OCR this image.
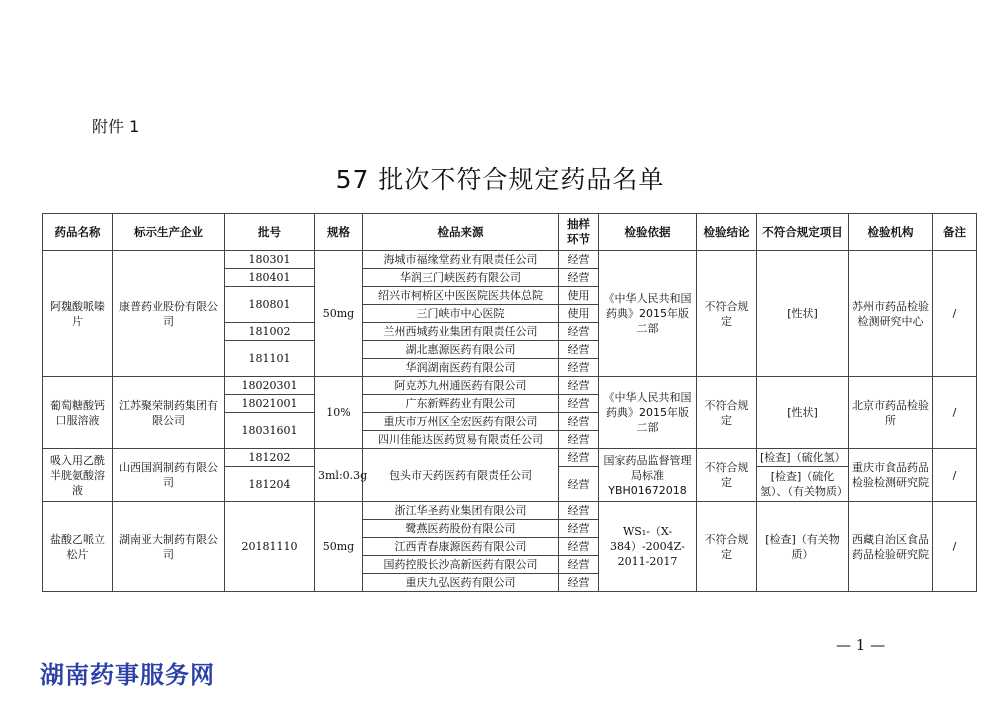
附件 1
57 批次不符合规定药品名单
药品名称	标示生产企业	批号	规格	检品来源	抽样环节	检验依据	检验结论	不符合规定项目	检验机构	备注
阿魏酸哌嗪片	康普药业股份有限公司	180301	50mg	海城市福缘堂药业有限责任公司	经营	《中华人民共和国药典》2015年版二部	不符合规定	[性状]	苏州市药品检验检测研究中心	/
		180401		华润三门峡医药有限公司	经营					
		180801		绍兴市柯桥区中医医院医共体总院	使用					
				三门峡市中心医院	使用					
		181002		兰州西城药业集团有限责任公司	经营					
		181101		湖北惠源医药有限公司	经营					
				华润湖南医药有限公司	经营					
葡萄糖酸钙口服溶液	江苏聚荣制药集团有限公司	18020301	10%	阿克苏九州通医药有限公司	经营	《中华人民共和国药典》2015年版二部	不符合规定	[性状]	北京市药品检验所	/
		18021001		广东新辉药业有限公司	经营					
		18031601		重庆市万州区全宏医药有限公司	经营					
				四川佳能达医药贸易有限责任公司	经营					
吸入用乙酰半胱氨酸溶液	山西国润制药有限公司	181202	3ml:0.3g	包头市天药医药有限责任公司	经营	国家药品监督管理局标准YBH01672018	不符合规定	[检查]（硫化氢）	重庆市食品药品检验检测研究院	/
		181204			经营			[检查]（硫化氢）、（有关物质）		
盐酸乙哌立松片	湖南亚大制药有限公司	20181110	50mg	浙江华圣药业集团有限公司	经营	WS₁-（X-384）-2004Z-2011-2017	不符合规定	[检查]（有关物质）	西藏自治区食品药品检验研究院	/
				鹭燕医药股份有限公司	经营					
				江西青春康源医药有限公司	经营					
				国药控股长沙高新医药有限公司	经营					
				重庆九弘医药有限公司	经营					
— 1 —
湖南药事服务网
